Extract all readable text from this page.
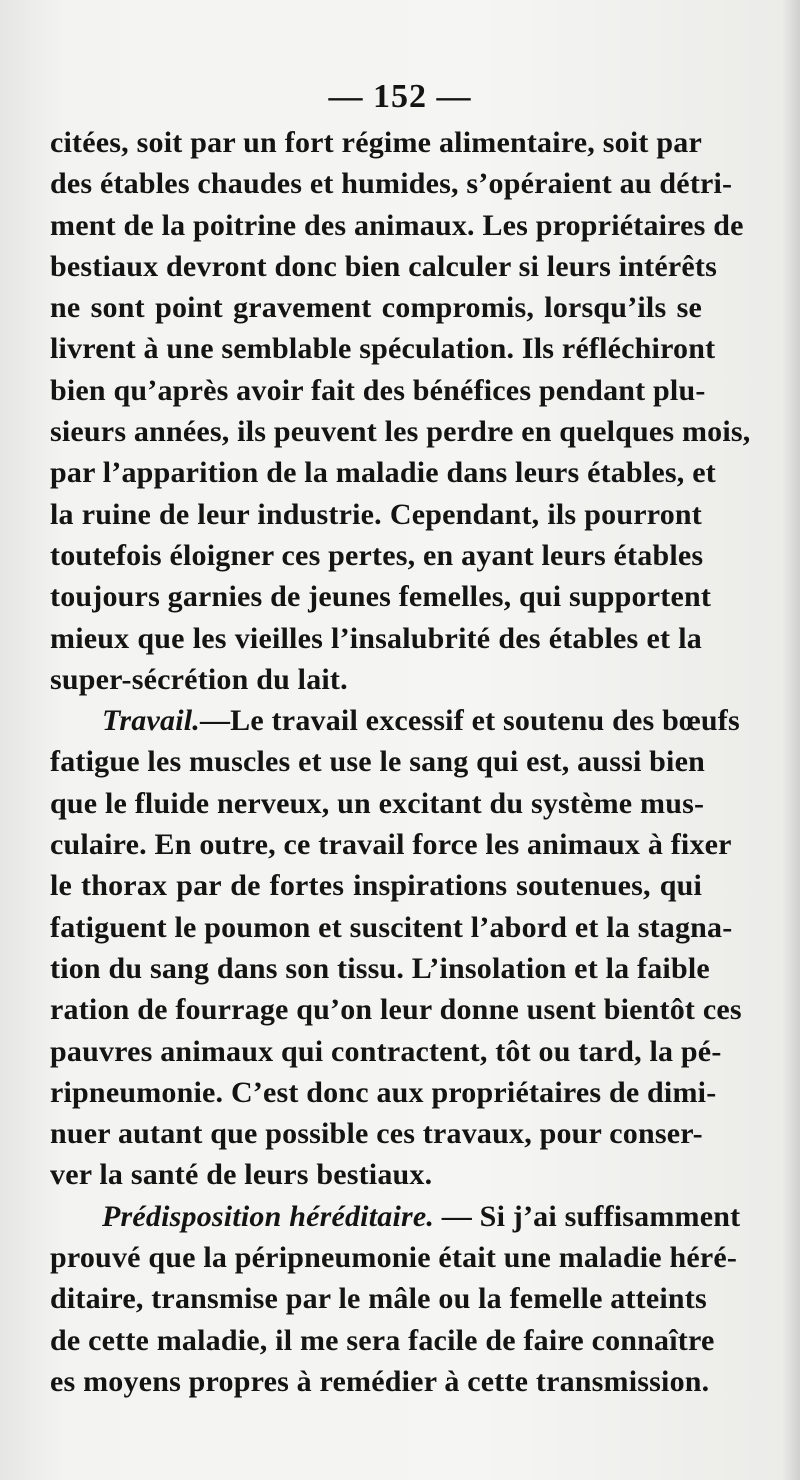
— 152 —
citées, soit par un fort régime alimentaire, soit par
des étables chaudes et humides, s’opéraient au détri-
ment de la poitrine des animaux. Les propriétaires de
bestiaux devront donc bien calculer si leurs intérêts
ne sont point gravement compromis, lorsqu’ils se
livrent à une semblable spéculation. Ils réfléchiront
bien qu’après avoir fait des bénéfices pendant plu-
sieurs années, ils peuvent les perdre en quelques mois,
par l’apparition de la maladie dans leurs étables, et
la ruine de leur industrie. Cependant, ils pourront
toutefois éloigner ces pertes, en ayant leurs étables
toujours garnies de jeunes femelles, qui supportent
mieux que les vieilles l’insalubrité des étables et la
super-sécrétion du lait.
Travail.—Le travail excessif et soutenu des bœufs
fatigue les muscles et use le sang qui est, aussi bien
que le fluide nerveux, un excitant du système mus-
culaire. En outre, ce travail force les animaux à fixer
le thorax par de fortes inspirations soutenues, qui
fatiguent le poumon et suscitent l’abord et la stagna-
tion du sang dans son tissu. L’insolation et la faible
ration de fourrage qu’on leur donne usent bientôt ces
pauvres animaux qui contractent, tôt ou tard, la pé-
ripneumonie. C’est donc aux propriétaires de dimi-
nuer autant que possible ces travaux, pour conser-
ver la santé de leurs bestiaux.
Prédisposition héréditaire. — Si j’ai suffisamment
prouvé que la péripneumonie était une maladie héré-
ditaire, transmise par le mâle ou la femelle atteints
de cette maladie, il me sera facile de faire connaître
es moyens propres à remédier à cette transmission.
